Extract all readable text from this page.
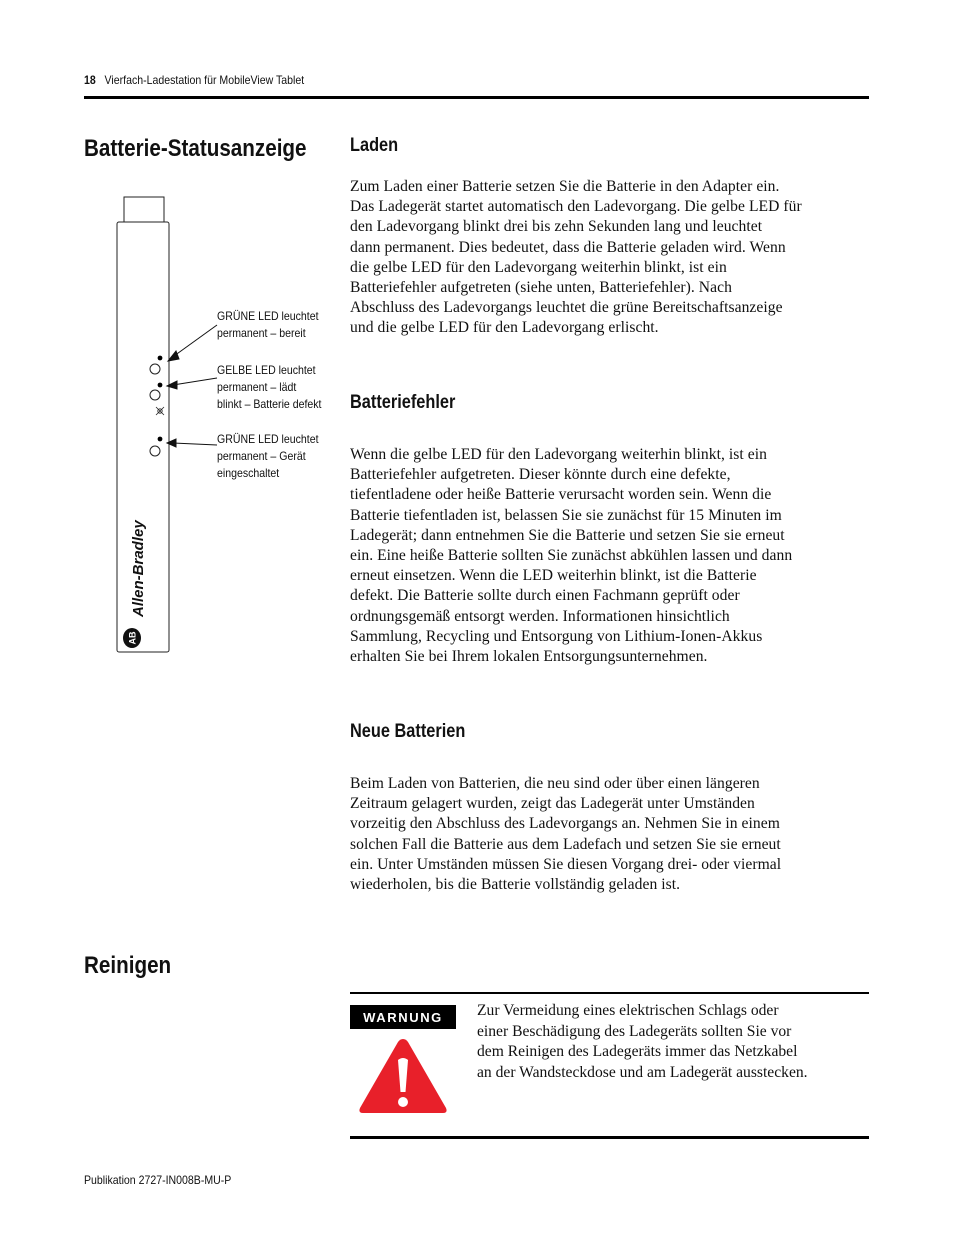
18 Vierfach-Ladestation für MobileView Tablet
Batterie-Statusanzeige
Reinigen
Allen-Bradley
AB
GRÜNE LED leuchtet
permanent – bereit
GELBE LED leuchtet
permanent – lädt
blinkt – Batterie defekt
GRÜNE LED leuchtet
permanent – Gerät
eingeschaltet
Laden

Zum Laden einer Batterie setzen Sie die Batterie in den Adapter ein.
Das Ladegerät startet automatisch den Ladevorgang. Die gelbe LED für
den Ladevorgang blinkt drei bis zehn Sekunden lang und leuchtet
dann permanent. Dies bedeutet, dass die Batterie geladen wird. Wenn
die gelbe LED für den Ladevorgang weiterhin blinkt, ist ein
Batteriefehler aufgetreten (siehe unten, Batteriefehler). Nach
Abschluss des Ladevorgangs leuchtet die grüne Bereitschaftsanzeige
und die gelbe LED für den Ladevorgang erlischt.

Batteriefehler

Wenn die gelbe LED für den Ladevorgang weiterhin blinkt, ist ein
Batteriefehler aufgetreten. Dieser könnte durch eine defekte,
tiefentladene oder heiße Batterie verursacht worden sein. Wenn die
Batterie tiefentladen ist, belassen Sie sie zunächst für 15 Minuten im
Ladegerät; dann entnehmen Sie die Batterie und setzen Sie sie erneut
ein. Eine heiße Batterie sollten Sie zunächst abkühlen lassen und dann
erneut einsetzen. Wenn die LED weiterhin blinkt, ist die Batterie
defekt. Die Batterie sollte durch einen Fachmann geprüft oder
ordnungsgemäß entsorgt werden. Informationen hinsichtlich
Sammlung, Recycling und Entsorgung von Lithium-Ionen-Akkus
erhalten Sie bei Ihrem lokalen Entsorgungsunternehmen.

Neue Batterien

Beim Laden von Batterien, die neu sind oder über einen längeren
Zeitraum gelagert wurden, zeigt das Ladegerät unter Umständen
vorzeitig den Abschluss des Ladevorgangs an. Nehmen Sie in einem
solchen Fall die Batterie aus dem Ladefach und setzen Sie sie erneut
ein. Unter Umständen müssen Sie diesen Vorgang drei- oder viermal
wiederholen, bis die Batterie vollständig geladen ist.

WARNUNG	Zur Vermeidung eines elektrischen Schlags oder
einer Beschädigung des Ladegeräts sollten Sie vor
dem Reinigen des Ladegeräts immer das Netzkabel
an der Wandsteckdose und am Ladegerät ausstecken.

Publikation 2727-IN008B-MU-P
